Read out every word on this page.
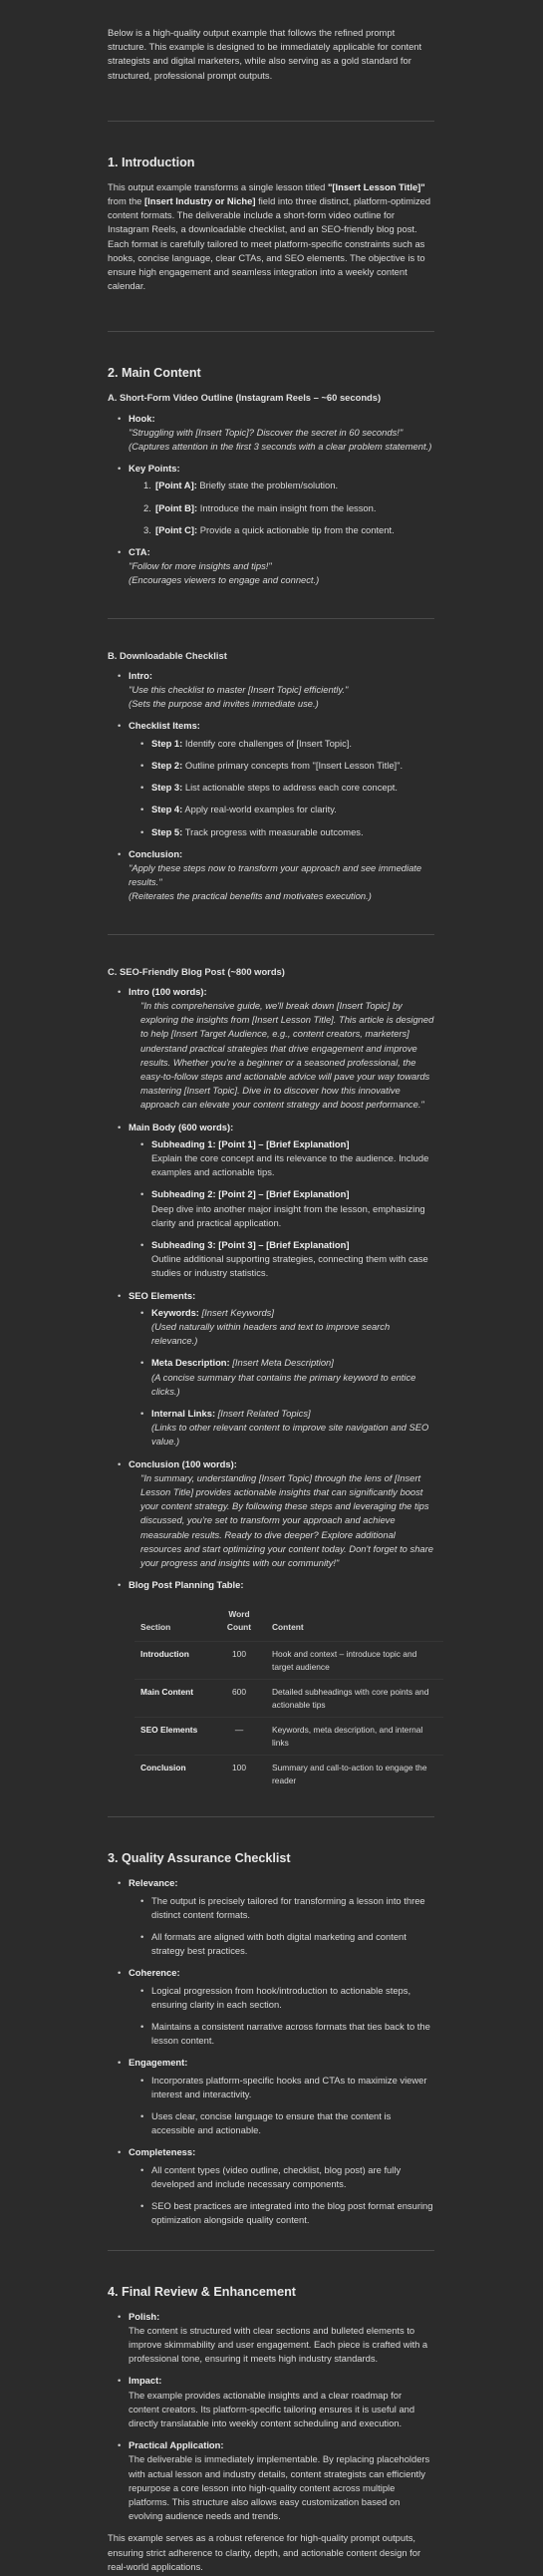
Below is a high-quality output example that follows the refined prompt structure. This example is designed to be immediately applicable for content strategists and digital marketers, while also serving as a gold standard for structured, professional prompt outputs.

1. Introduction

This output example transforms a single lesson titled "[Insert Lesson Title]" from the [Insert Industry or Niche] field into three distinct, platform-optimized content formats. The deliverable include a short-form video outline for Instagram Reels, a downloadable checklist, and an SEO-friendly blog post. Each format is carefully tailored to meet platform-specific constraints such as hooks, concise language, clear CTAs, and SEO elements. The objective is to ensure high engagement and seamless integration into a weekly content calendar.

2. Main Content
A. Short-Form Video Outline (Instagram Reels – ~60 seconds)
• Hook:
"Struggling with [Insert Topic]? Discover the secret in 60 seconds!"
(Captures attention in the first 3 seconds with a clear problem statement.)
• Key Points:
1. [Point A]: Briefly state the problem/solution.
2. [Point B]: Introduce the main insight from the lesson.
3. [Point C]: Provide a quick actionable tip from the content.
• CTA:
"Follow for more insights and tips!"
(Encourages viewers to engage and connect.)
B. Downloadable Checklist
• Intro:
"Use this checklist to master [Insert Topic] efficiently."
(Sets the purpose and invites immediate use.)
• Checklist Items:
• Step 1: Identify core challenges of [Insert Topic].
• Step 2: Outline primary concepts from "[Insert Lesson Title]".
• Step 3: List actionable steps to address each core concept.
• Step 4: Apply real-world examples for clarity.
• Step 5: Track progress with measurable outcomes.
• Conclusion:
"Apply these steps now to transform your approach and see immediate results."
(Reiterates the practical benefits and motivates execution.)
C. SEO-Friendly Blog Post (~800 words)
• Intro (100 words):
"In this comprehensive guide, we'll break down [Insert Topic] by exploring the insights from [Insert Lesson Title]. This article is designed to help [Insert Target Audience, e.g., content creators, marketers] understand practical strategies that drive engagement and improve results. Whether you're a beginner or a seasoned professional, the easy-to-follow steps and actionable advice will pave your way towards mastering [Insert Topic]. Dive in to discover how this innovative approach can elevate your content strategy and boost performance."
• Main Body (600 words):
• Subheading 1: [Point 1] – [Brief Explanation]
Explain the core concept and its relevance to the audience. Include examples and actionable tips.
• Subheading 2: [Point 2] – [Brief Explanation]
Deep dive into another major insight from the lesson, emphasizing clarity and practical application.
• Subheading 3: [Point 3] – [Brief Explanation]
Outline additional supporting strategies, connecting them with case studies or industry statistics.
• SEO Elements:
• Keywords: [Insert Keywords]
(Used naturally within headers and text to improve search relevance.)
• Meta Description: [Insert Meta Description]
(A concise summary that contains the primary keyword to entice clicks.)
• Internal Links: [Insert Related Topics]
(Links to other relevant content to improve site navigation and SEO value.)
• Conclusion (100 words):
"In summary, understanding [Insert Topic] through the lens of [Insert Lesson Title] provides actionable insights that can significantly boost your content strategy. By following these steps and leveraging the tips discussed, you're set to transform your approach and achieve measurable results. Ready to dive deeper? Explore additional resources and start optimizing your content today. Don't forget to share your progress and insights with our community!"
• Blog Post Planning Table:
Section	Word Count	Content
Introduction	100	Hook and context – introduce topic and target audience
Main Content	600	Detailed subheadings with core points and actionable tips
SEO Elements	—	Keywords, meta description, and internal links
Conclusion	100	Summary and call-to-action to engage the reader
3. Quality Assurance Checklist
• Relevance:
• The output is precisely tailored for transforming a lesson into three distinct content formats.
• All formats are aligned with both digital marketing and content strategy best practices.
• Coherence:
• Logical progression from hook/introduction to actionable steps, ensuring clarity in each section.
• Maintains a consistent narrative across formats that ties back to the lesson content.
• Engagement:
• Incorporates platform-specific hooks and CTAs to maximize viewer interest and interactivity.
• Uses clear, concise language to ensure that the content is accessible and actionable.
• Completeness:
• All content types (video outline, checklist, blog post) are fully developed and include necessary components.
• SEO best practices are integrated into the blog post format ensuring optimization alongside quality content.
4. Final Review & Enhancement
• Polish:
The content is structured with clear sections and bulleted elements to improve skimmability and user engagement. Each piece is crafted with a professional tone, ensuring it meets high industry standards.
• Impact:
The example provides actionable insights and a clear roadmap for content creators. Its platform-specific tailoring ensures it is useful and directly translatable into weekly content scheduling and execution.
• Practical Application:
The deliverable is immediately implementable. By replacing placeholders with actual lesson and industry details, content strategists can efficiently repurpose a core lesson into high-quality content across multiple platforms. This structure also allows easy customization based on evolving audience needs and trends.

This example serves as a robust reference for high-quality prompt outputs, ensuring strict adherence to clarity, depth, and actionable content design for real-world applications.
